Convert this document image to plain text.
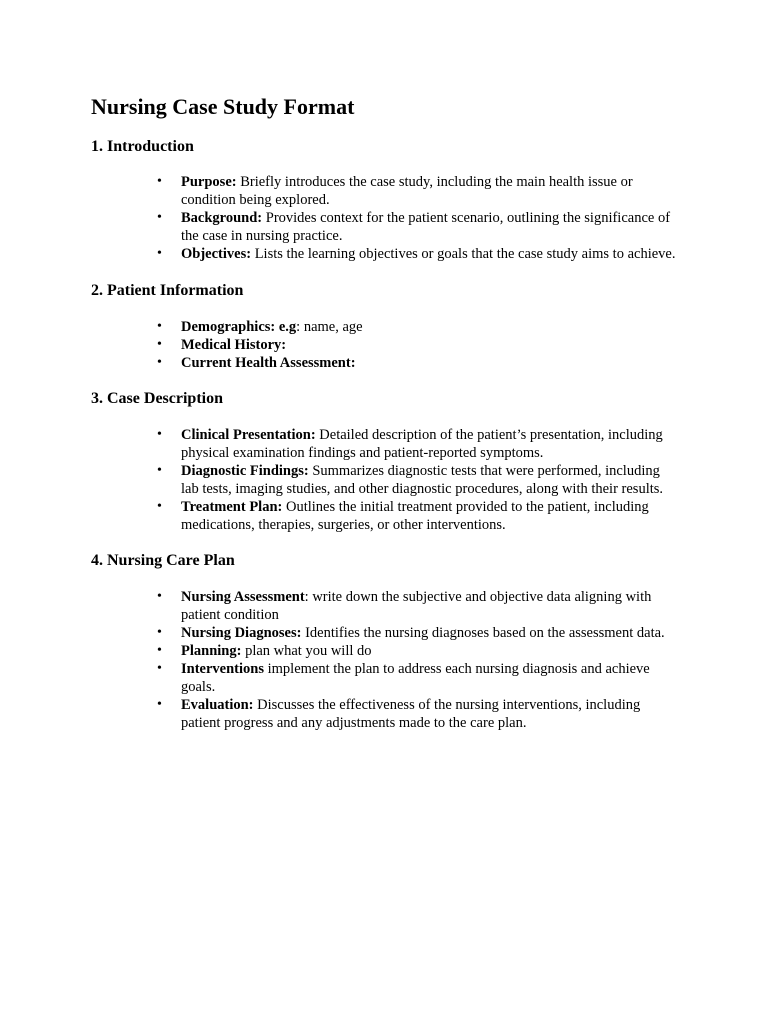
Nursing Case Study Format
1. Introduction
• Purpose: Briefly introduces the case study, including the main health issue or condition being explored.
• Background: Provides context for the patient scenario, outlining the significance of the case in nursing practice.
• Objectives: Lists the learning objectives or goals that the case study aims to achieve.
2. Patient Information
• Demographics: e.g: name, age
• Medical History:
• Current Health Assessment:
3. Case Description
• Clinical Presentation: Detailed description of the patient’s presentation, including physical examination findings and patient-reported symptoms.
• Diagnostic Findings: Summarizes diagnostic tests that were performed, including lab tests, imaging studies, and other diagnostic procedures, along with their results.
• Treatment Plan: Outlines the initial treatment provided to the patient, including medications, therapies, surgeries, or other interventions.
4. Nursing Care Plan
• Nursing Assessment: write down the subjective and objective data aligning with patient condition
• Nursing Diagnoses: Identifies the nursing diagnoses based on the assessment data.
• Planning: plan what you will do
• Interventions implement the plan to address each nursing diagnosis and achieve goals.
• Evaluation: Discusses the effectiveness of the nursing interventions, including patient progress and any adjustments made to the care plan.
